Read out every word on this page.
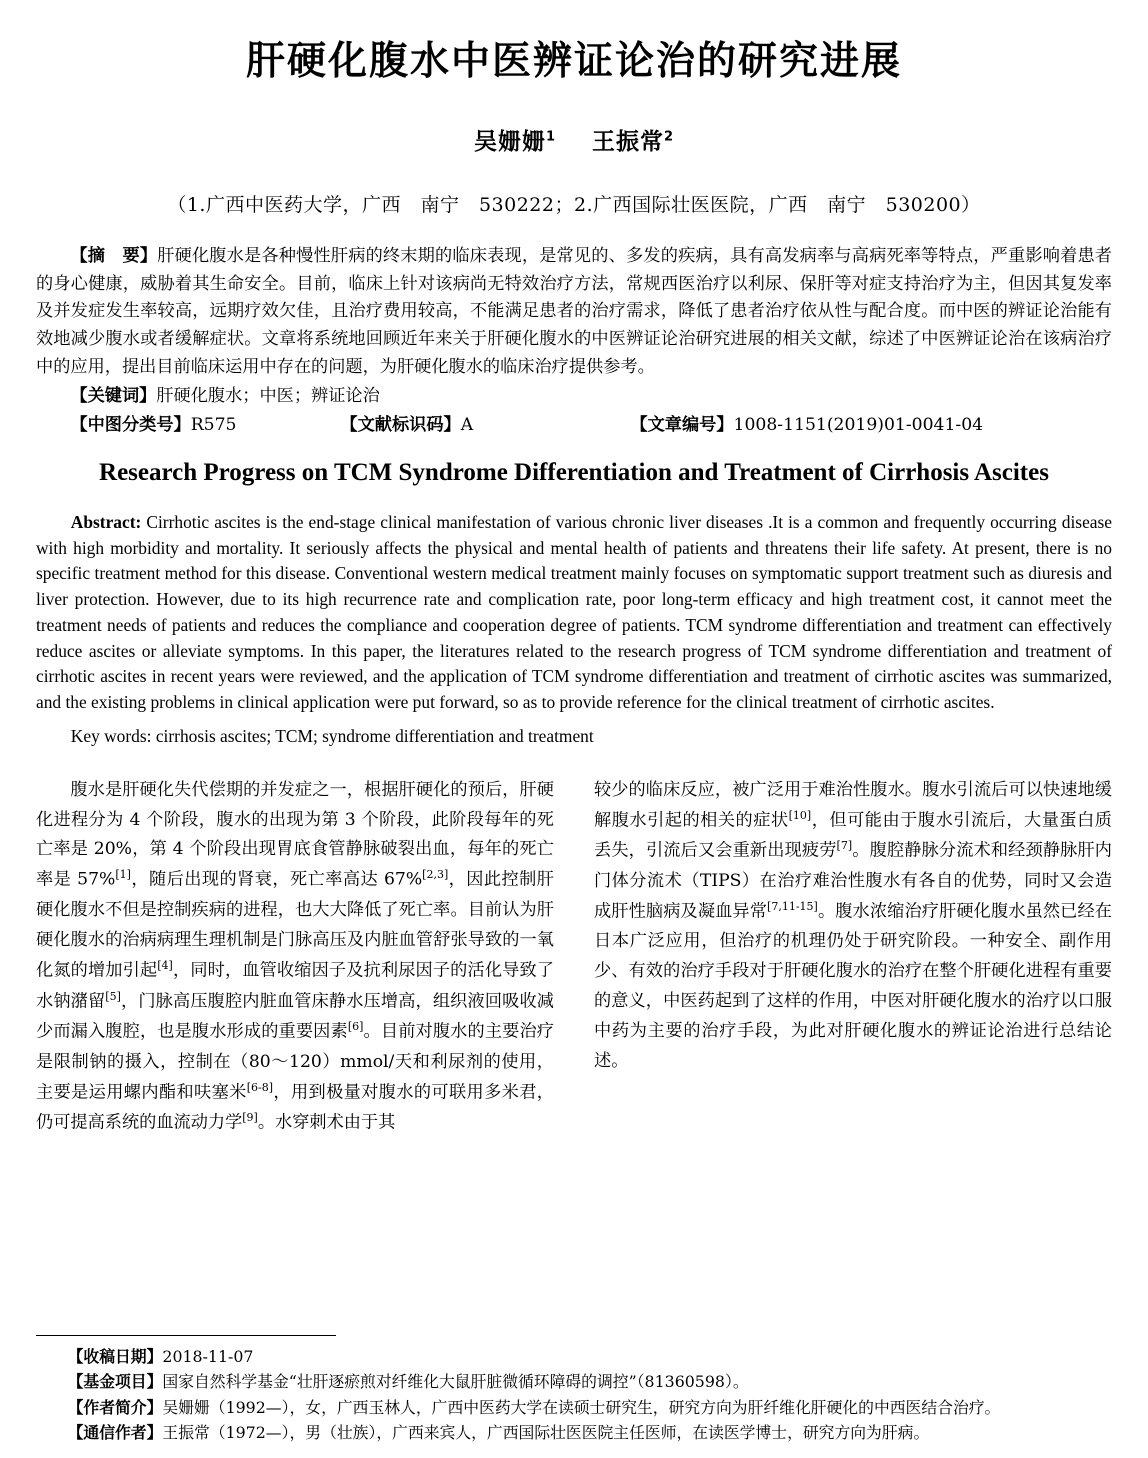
肝硬化腹水中医辨证论治的研究进展
吴姗姗$^1$ 王振常$^2$
（1.广西中医药大学，广西　南宁　530222；2.广西国际壮医医院，广西　南宁　530200）
【摘　要】肝硬化腹水是各种慢性肝病的终末期的临床表现，是常见的、多发的疾病，具有高发病率与高病死率等特点，严重影响着患者的身心健康，威胁着其生命安全。目前，临床上针对该病尚无特效治疗方法，常规西医治疗以利尿、保肝等对症支持治疗为主，但因其复发率及并发症发生率较高，远期疗效欠佳，且治疗费用较高，不能满足患者的治疗需求，降低了患者治疗依从性与配合度。而中医的辨证论治能有效地减少腹水或者缓解症状。文章将系统地回顾近年来关于肝硬化腹水的中医辨证论治研究进展的相关文献，综述了中医辨证论治在该病治疗中的应用，提出目前临床运用中存在的问题，为肝硬化腹水的临床治疗提供参考。
【关键词】肝硬化腹水；中医；辨证论治
【中图分类号】R575	【文献标识码】A	【文章编号】1008-1151(2019)01-0041-04
Research Progress on TCM Syndrome Differentiation and Treatment of Cirrhosis Ascites
Abstract: Cirrhotic ascites is the end-stage clinical manifestation of various chronic liver diseases .It is a common and frequently occurring disease with high morbidity and mortality. It seriously affects the physical and mental health of patients and threatens their life safety. At present, there is no specific treatment method for this disease. Conventional western medical treatment mainly focuses on symptomatic support treatment such as diuresis and liver protection. However, due to its high recurrence rate and complication rate, poor long-term efficacy and high treatment cost, it cannot meet the treatment needs of patients and reduces the compliance and cooperation degree of patients. TCM syndrome differentiation and treatment can effectively reduce ascites or alleviate symptoms. In this paper, the literatures related to the research progress of TCM syndrome differentiation and treatment of cirrhotic ascites in recent years were reviewed, and the application of TCM syndrome differentiation and treatment of cirrhotic ascites was summarized, and the existing problems in clinical application were put forward, so as to provide reference for the clinical treatment of cirrhotic ascites.
Key words: cirrhosis ascites; TCM; syndrome differentiation and treatment

腹水是肝硬化失代偿期的并发症之一，根据肝硬化的预后，肝硬化进程分为 4 个阶段，腹水的出现为第 3 个阶段，此阶段每年的死亡率是 20%，第 4 个阶段出现胃底食管静脉破裂出血，每年的死亡率是 57%[1]，随后出现的肾衰，死亡率高达 67%[2,3]，因此控制肝硬化腹水不但是控制疾病的进程，也大大降低了死亡率。目前认为肝硬化腹水的治病病理生理机制是门脉高压及内脏血管舒张导致的一氧化氮的增加引起[4]，同时，血管收缩因子及抗利尿因子的活化导致了水钠潴留[5]，门脉高压腹腔内脏血管床静水压增高，组织液回吸收减少而漏入腹腔，也是腹水形成的重要因素[6]。目前对腹水的主要治疗是限制钠的摄入，控制在（80～120）mmol/天和利尿剂的使用，主要是运用螺内酯和呋塞米[6-8]，用到极量对腹水的可联用多米君，仍可提高系统的血流动力学[9]。水穿刺术由于其

较少的临床反应，被广泛用于难治性腹水。腹水引流后可以快速地缓解腹水引起的相关的症状[10]，但可能由于腹水引流后，大量蛋白质丢失，引流后又会重新出现疲劳[7]。腹腔静脉分流术和经颈静脉肝内门体分流术（TIPS）在治疗难治性腹水有各自的优势，同时又会造成肝性脑病及凝血异常[7,11-15]。腹水浓缩治疗肝硬化腹水虽然已经在日本广泛应用，但治疗的机理仍处于研究阶段。一种安全、副作用少、有效的治疗手段对于肝硬化腹水的治疗在整个肝硬化进程有重要的意义，中医药起到了这样的作用，中医对肝硬化腹水的治疗以口服中药为主要的治疗手段，为此对肝硬化腹水的辨证论治进行总结论述。

【收稿日期】2018-11-07
【基金项目】国家自然科学基金“壮肝逐瘀煎对纤维化大鼠肝脏微循环障碍的调控”（81360598）。
【作者简介】吴姗姗（1992—），女，广西玉林人，广西中医药大学在读硕士研究生，研究方向为肝纤维化肝硬化的中西医结合治疗。
【通信作者】王振常（1972—），男（壮族），广西来宾人，广西国际壮医医院主任医师，在读医学博士，研究方向为肝病。
